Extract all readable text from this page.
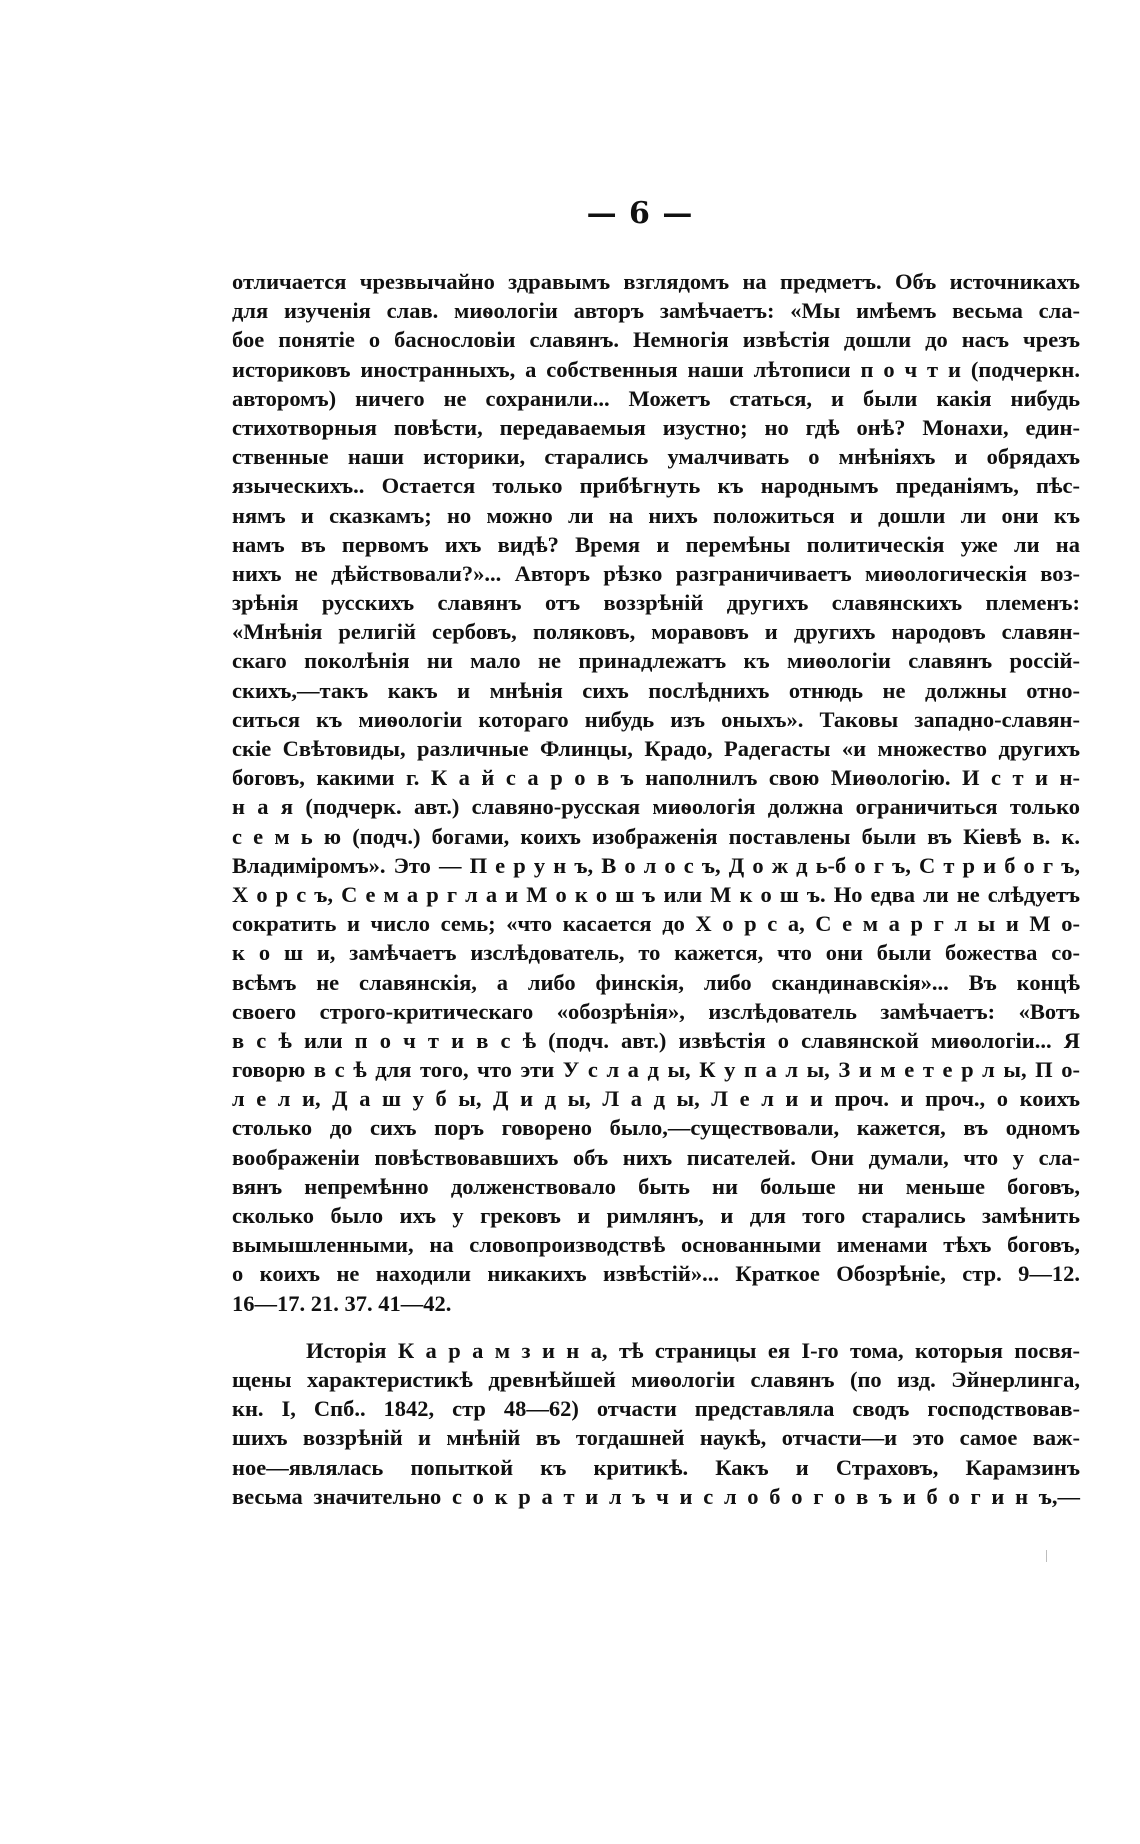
— 6 —
отличается чрезвычайно здравымъ взглядомъ на предметъ. Объ источникахъ
для изученія слав. миѳологіи авторъ замѣчаетъ: «Мы имѣемъ весьма сла-
бое понятіе о баснословіи славянъ. Немногія извѣстія дошли до насъ чрезъ
историковъ иностранныхъ, а собственныя наши лѣтописи п о ч т и (подчеркн.
авторомъ) ничего не сохранили... Можетъ статься, и были какія нибудь
стихотворныя повѣсти, передаваемыя изустно; но гдѣ онѣ? Монахи, един-
ственные наши историки, старались умалчивать о мнѣніяхъ и обрядахъ
языческихъ.. Остается только прибѣгнуть къ народнымъ преданіямъ, пѣс-
нямъ и сказкамъ; но можно ли на нихъ положиться и дошли ли они къ
намъ въ первомъ ихъ видѣ? Время и перемѣны политическія уже ли на
нихъ не дѣйствовали?»... Авторъ рѣзко разграничиваетъ миѳологическія воз-
зрѣнія русскихъ славянъ отъ воззрѣній другихъ славянскихъ племенъ:
«Мнѣнія религій сербовъ, поляковъ, моравовъ и другихъ народовъ славян-
скаго поколѣнія ни мало не принадлежатъ къ миѳологіи славянъ россій-
скихъ,—такъ какъ и мнѣнія сихъ послѣднихъ отнюдь не должны отно-
ситься къ миѳологіи котораго нибудь изъ оныхъ». Таковы западно-славян-
скіе Свѣтовиды, различные Флинцы, Крадо, Радегасты «и множество другихъ
боговъ, какими г. К а й с а р о в ъ наполнилъ свою Миѳологію. И с т и н-
н а я (подчерк. авт.) славяно-русская миѳологія должна ограничиться только
с е м ь ю (подч.) богами, коихъ изображенія поставлены были въ Кіевѣ в. к.
Владиміромъ». Это — П е р у н ъ, В о л о с ъ, Д о ж д ь-б о г ъ, С т р и б о г ъ,
Х о р с ъ, С е м а р г л а и М о к о ш ъ или М к о ш ъ. Но едва ли не слѣдуетъ
сократить и число семь; «что касается до Х о р с а, С е м а р г л ы и М о-
к о ш и, замѣчаетъ изслѣдователь, то кажется, что они были божества со-
всѣмъ не славянскія, а либо финскія, либо скандинавскія»... Въ концѣ
своего строго-критическаго «обозрѣнія», изслѣдователь замѣчаетъ: «Вотъ
в с ѣ или п о ч т и в с ѣ (подч. авт.) извѣстія о славянской миѳологіи... Я
говорю в с ѣ для того, что эти У с л а д ы, К у п а л ы, З и м е т е р л ы, П о-
л е л и, Д а ш у б ы, Д и д ы, Л а д ы, Л е л и и проч. и проч., о коихъ
столько до сихъ поръ говорено было,—существовали, кажется, въ одномъ
воображеніи повѣствовавшихъ объ нихъ писателей. Они думали, что у сла-
вянъ непремѣнно долженствовало быть ни больше ни меньше боговъ,
сколько было ихъ у грековъ и римлянъ, и для того старались замѣнить
вымышленными, на словопроизводствѣ основанными именами тѣхъ боговъ,
о коихъ не находили никакихъ извѣстій»... Краткое Обозрѣніе, стр. 9—12.
16—17. 21. 37. 41—42.
Исторія К а р а м з и н а, тѣ страницы ея I-го тома, которыя посвя-
щены характеристикѣ древнѣйшей миѳологіи славянъ (по изд. Эйнерлинга,
кн. I, Спб.. 1842, стр 48—62) отчасти представляла сводъ господствовав-
шихъ воззрѣній и мнѣній въ тогдашней наукѣ, отчасти—и это самое важ-
ное—являлась попыткой къ критикѣ. Какъ и Страховъ, Карамзинъ
весьма значительно с о к р а т и л ъ ч и с л о б о г о в ъ и б о г и н ъ,—
